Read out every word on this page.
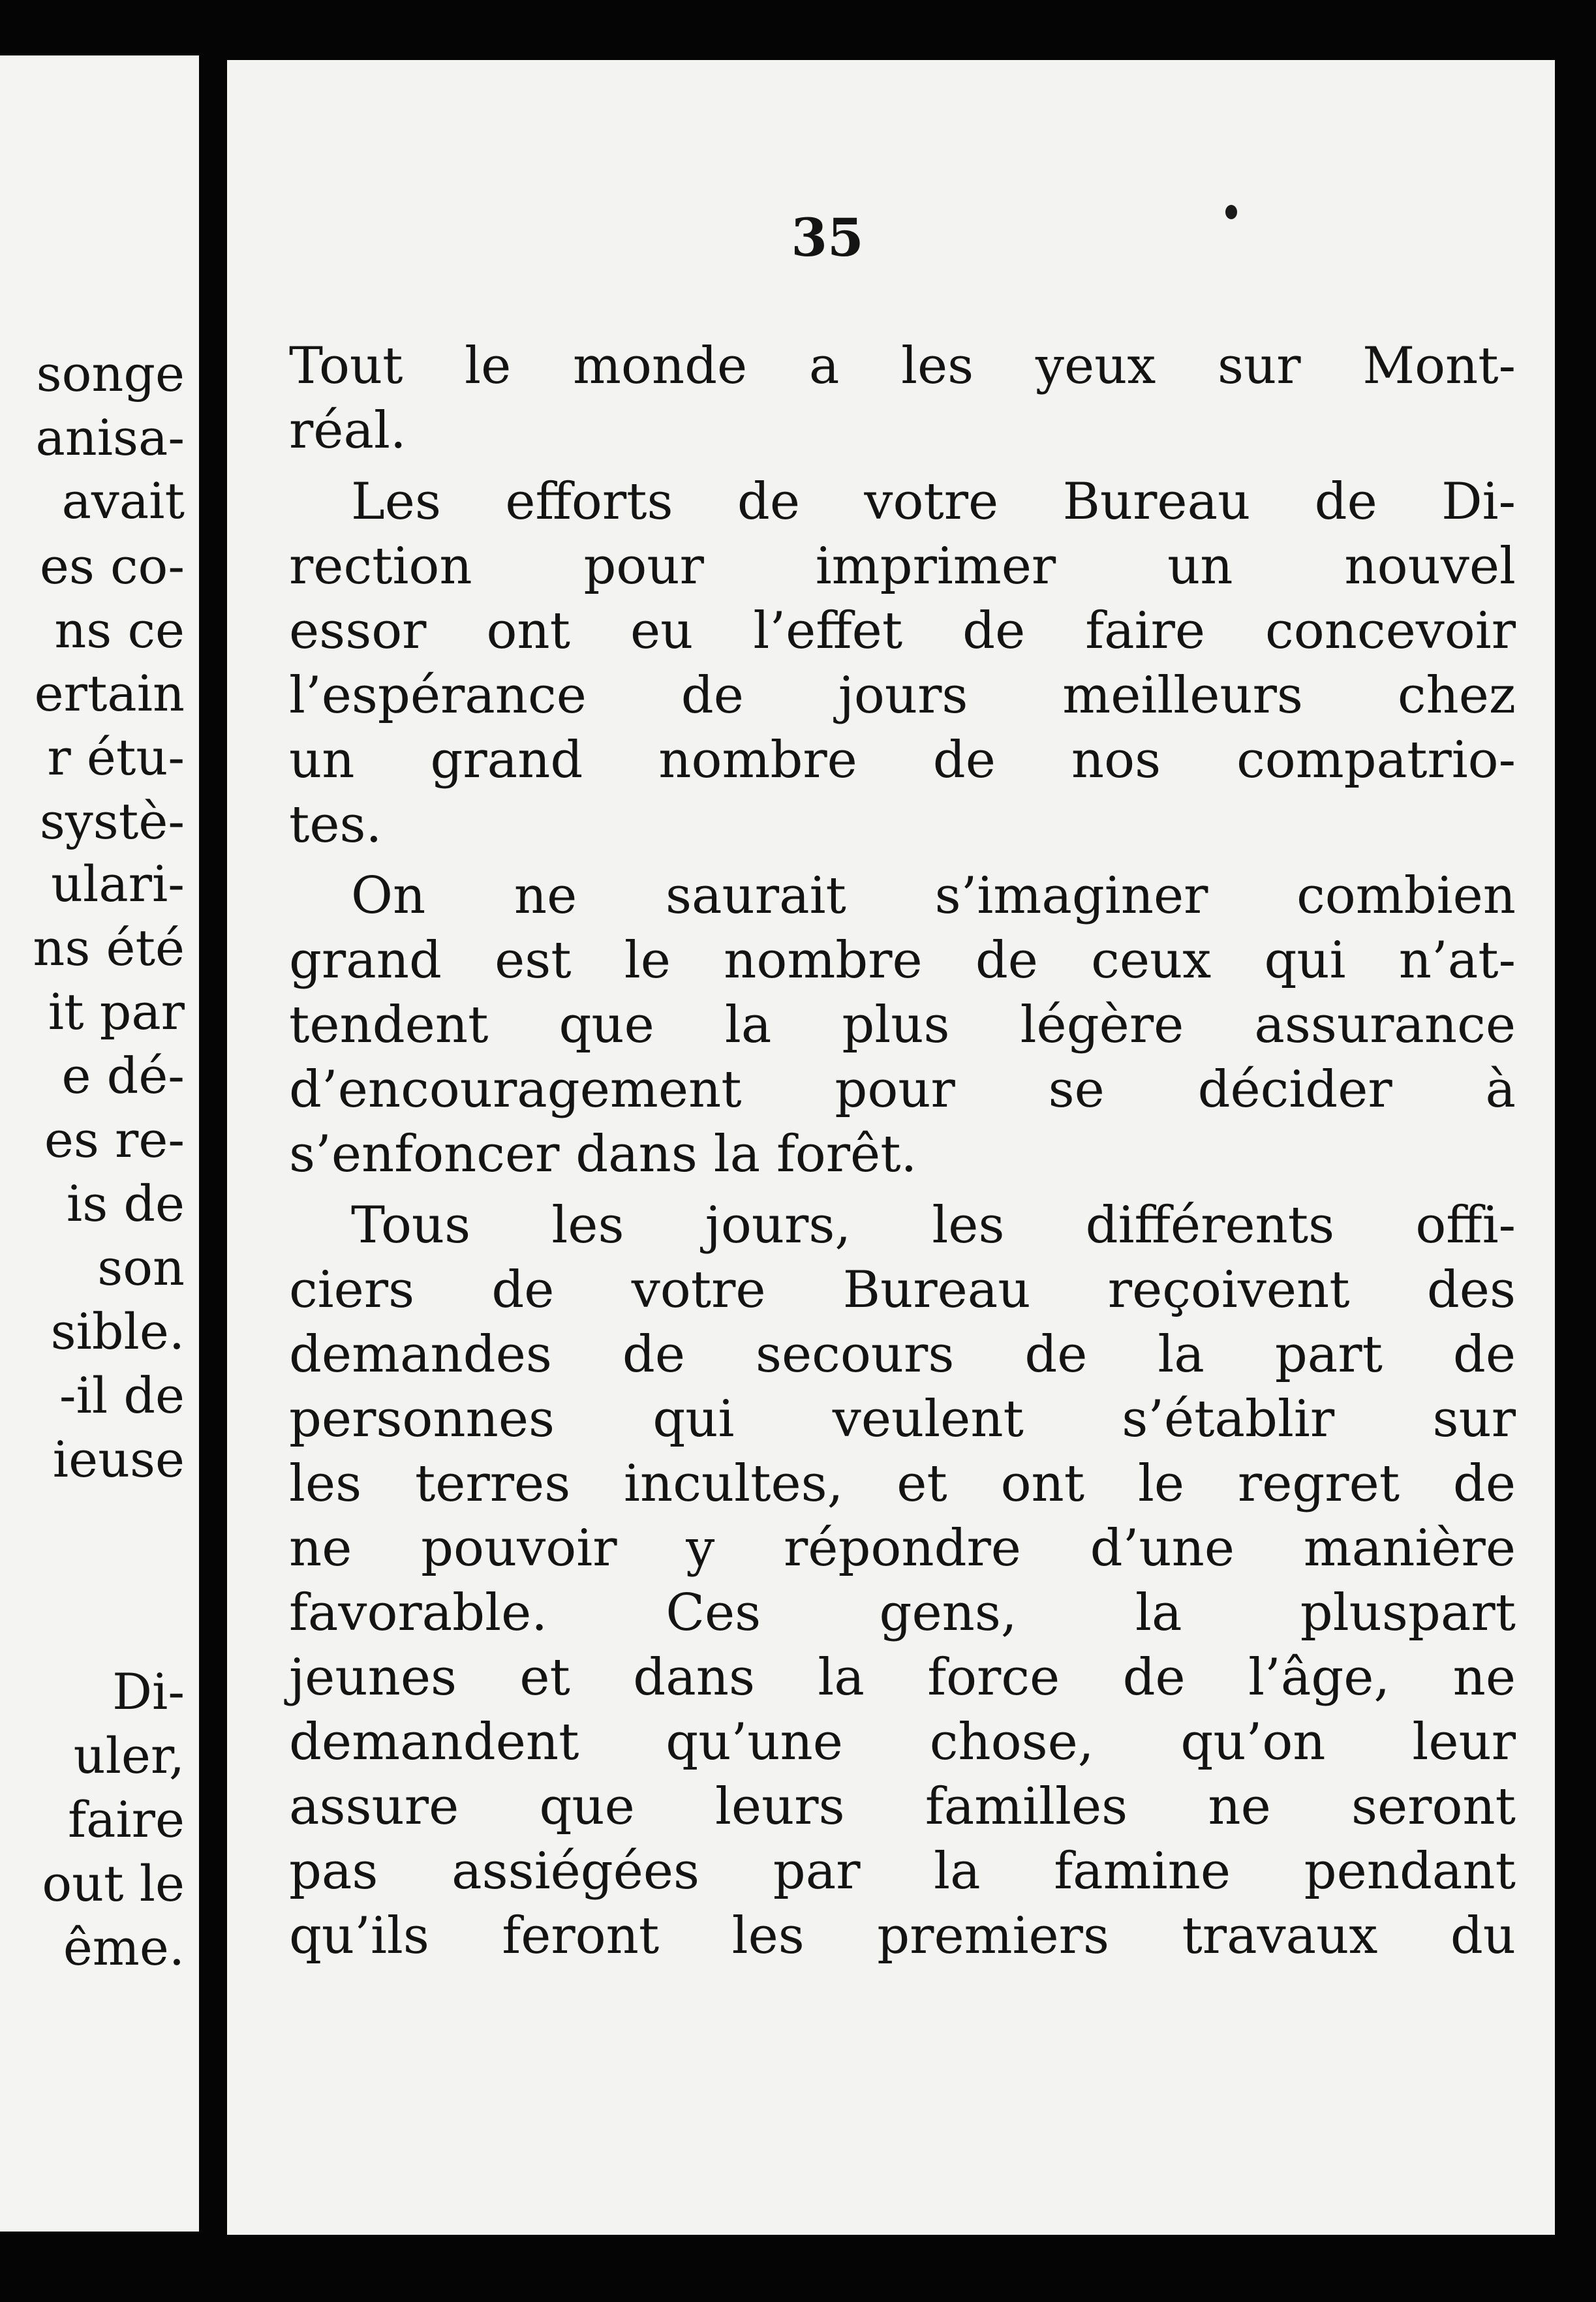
songe
anisa-
avait
es co-
ns ce
ertain
r étu-
systè-
ulari-
ns été
it par
e dé-
es re-
is de
son
sible.
-il de
ieuse
Di-
uler,
faire
out le
ême.
35
Tout le monde a les yeux sur Mont-
réal.
Les efforts de votre Bureau de Di-
rection pour imprimer un nouvel
essor ont eu l’effet de faire concevoir
l’espérance de jours meilleurs chez
un grand nombre de nos compatrio-
tes.
On ne saurait s’imaginer combien
grand est le nombre de ceux qui n’at-
tendent que la plus légère assurance
d’encouragement pour se décider à
s’enfoncer dans la forêt.
Tous les jours, les différents offi-
ciers de votre Bureau reçoivent des
demandes de secours de la part de
personnes qui veulent s’établir sur
les terres incultes, et ont le regret de
ne pouvoir y répondre d’une manière
favorable. Ces gens, la pluspart
jeunes et dans la force de l’âge, ne
demandent qu’une chose, qu’on leur
assure que leurs familles ne seront
pas assiégées par la famine pendant
qu’ils feront les premiers travaux du
